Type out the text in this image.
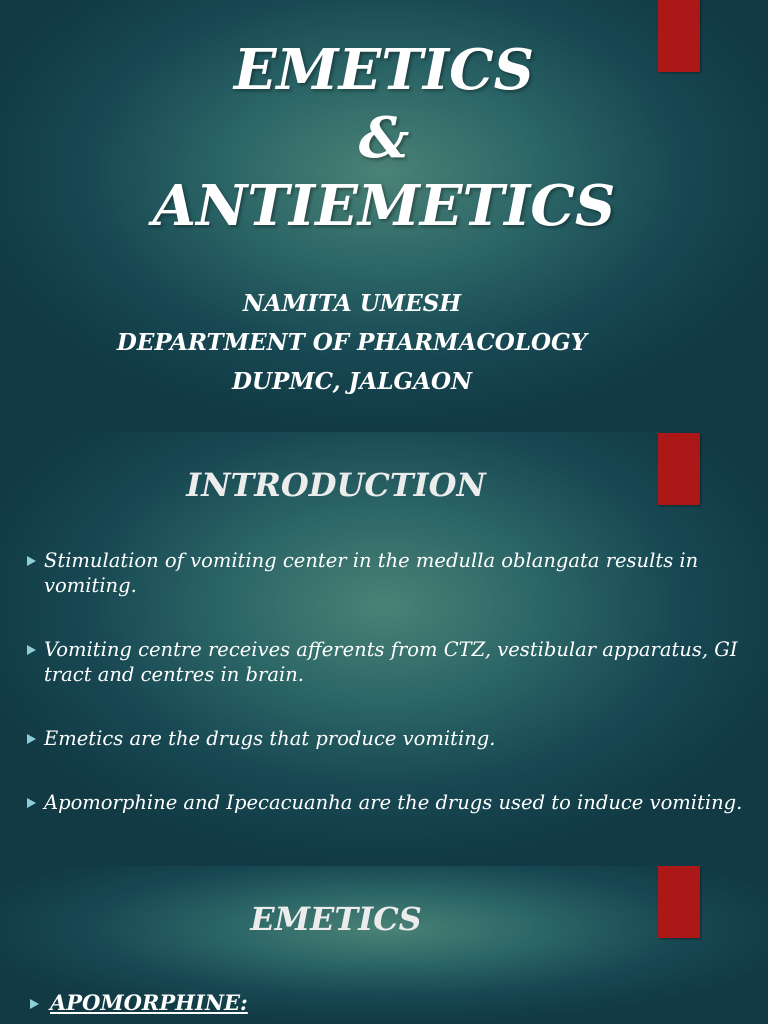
EMETICS
&
ANTIEMETICS
NAMITA UMESH
DEPARTMENT OF PHARMACOLOGY
DUPMC, JALGAON
INTRODUCTION
Stimulation of vomiting center in the medulla oblangata results in vomiting.
Vomiting centre receives afferents from CTZ, vestibular apparatus, GI tract and centres in brain.
Emetics are the drugs that produce vomiting.
Apomorphine and Ipecacuanha are the drugs used to induce vomiting.
EMETICS
APOMORPHINE:
